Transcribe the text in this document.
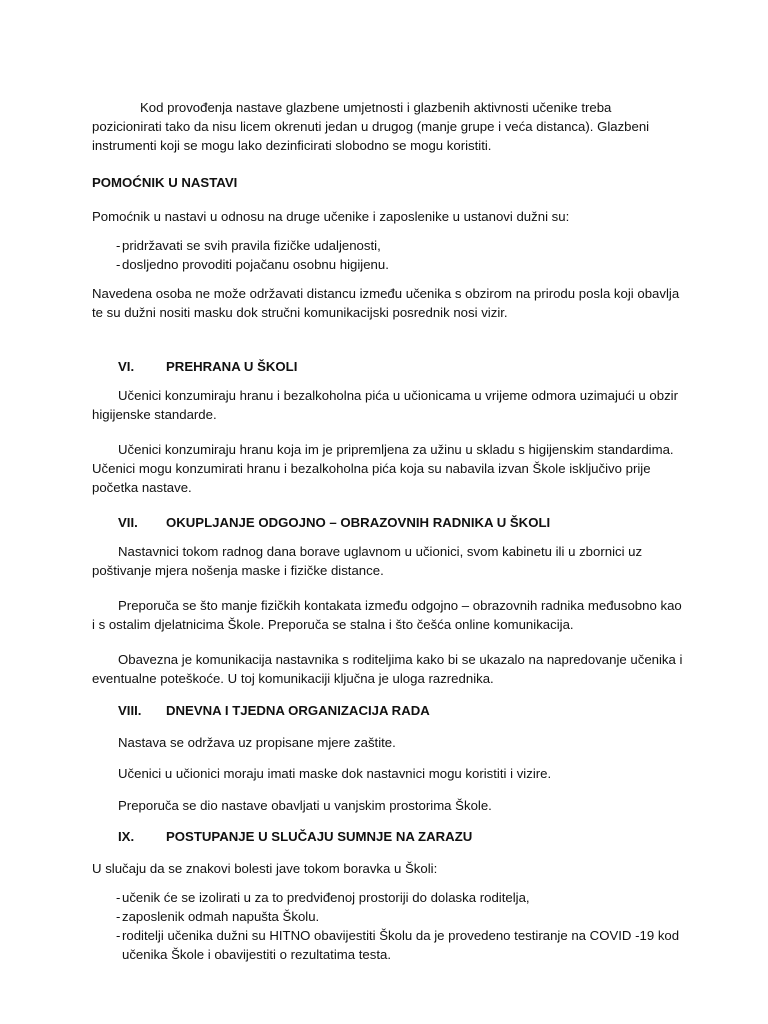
Kod provođenja nastave glazbene umjetnosti i glazbenih aktivnosti učenike treba pozicionirati tako da nisu licem okrenuti jedan u drugog (manje grupe i veća distanca). Glazbeni instrumenti koji se mogu lako dezinficirati slobodno se mogu koristiti.

POMOĆNIK U NASTAVI

Pomoćnik u nastavi u odnosu na druge učenike i zaposlenike u ustanovi dužni su:

- pridržavati se svih pravila fizičke udaljenosti,
- dosljedno provoditi pojačanu osobnu higijenu.

Navedena osoba ne može održavati distancu između učenika s obzirom na prirodu posla koji obavlja te su dužni nositi masku dok stručni komunikacijski posrednik nosi vizir.

VI. PREHRANA U ŠKOLI

Učenici konzumiraju hranu i bezalkoholna pića u učionicama u vrijeme odmora uzimajući u obzir higijenske standarde.

Učenici konzumiraju hranu koja im je pripremljena za užinu u skladu s higijenskim standardima. Učenici mogu konzumirati hranu i bezalkoholna pića koja su nabavila izvan Škole isključivo prije početka nastave.

VII. OKUPLJANJE ODGOJNO – OBRAZOVNIH RADNIKA U ŠKOLI

Nastavnici tokom radnog dana borave uglavnom u učionici, svom kabinetu ili u zbornici uz poštivanje mjera nošenja maske i fizičke distance.

Preporuča se što manje fizičkih kontakata između odgojno – obrazovnih radnika međusobno kao i s ostalim djelatnicima Škole. Preporuča se stalna i što češća online komunikacija.

Obavezna je komunikacija nastavnika s roditeljima kako bi se ukazalo na napredovanje učenika i eventualne poteškoće. U toj komunikaciji ključna je uloga razrednika.

VIII. DNEVNA I TJEDNA ORGANIZACIJA RADA

Nastava se održava uz propisane mjere zaštite.

Učenici u učionici moraju imati maske dok nastavnici mogu koristiti i vizire.

Preporuča se dio nastave obavljati u vanjskim prostorima Škole.

IX. POSTUPANJE U SLUČAJU SUMNJE NA ZARAZU

U slučaju da se znakovi bolesti jave tokom boravka u Školi:

- učenik će se izolirati u za to predviđenoj prostoriji do dolaska roditelja,
- zaposlenik odmah napušta Školu.
- roditelji učenika dužni su HITNO obavijestiti Školu da je provedeno testiranje na COVID -19 kod učenika Škole i obavijestiti o rezultatima testa.
